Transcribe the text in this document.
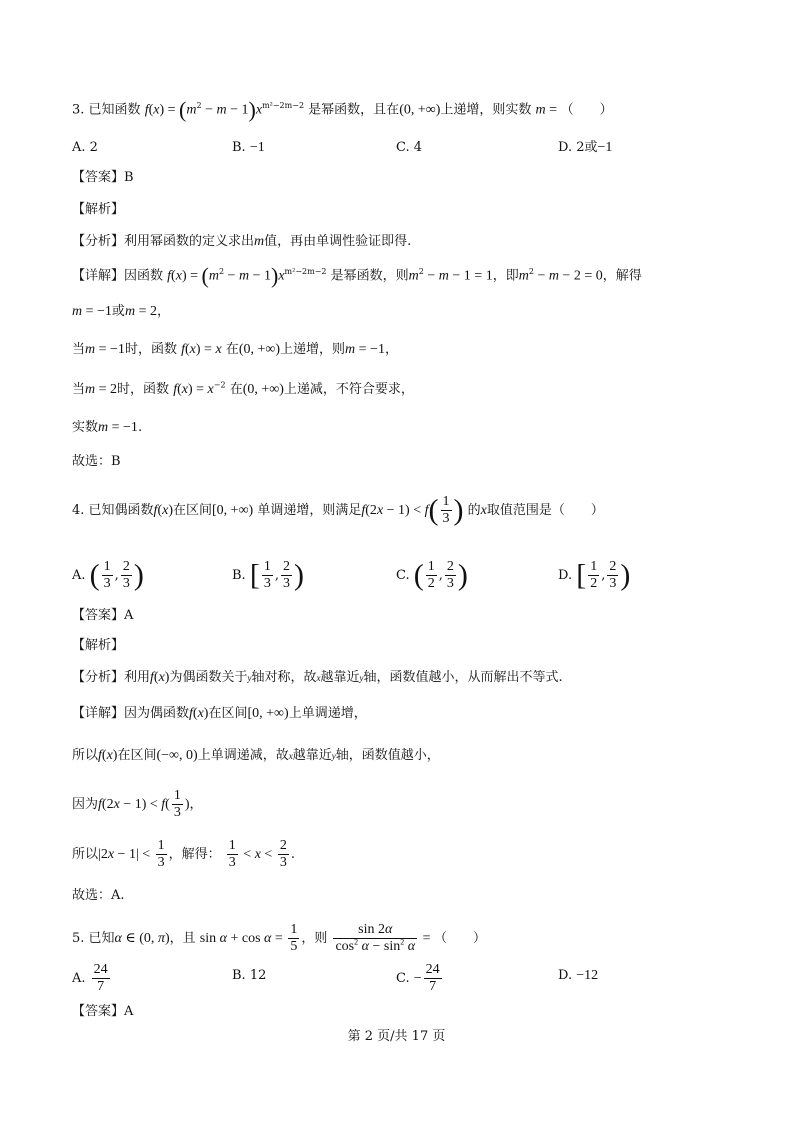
3. 已知函数 $f(x) = (m^2 - m - 1)x^{m^2-2m-2}$ 是幂函数，且在(0, +∞)上递增，则实数 m = （　　）
A. 2	B. −1	C. 4	D. 2或−1
【答案】B
【解析】
【分析】利用幂函数的定义求出m值，再由单调性验证即得.
【详解】因函数 $f(x) = (m^2 - m - 1)x^{m^2-2m-2}$ 是幂函数，则$m^2 - m - 1 = 1$，即$m^2 - m - 2 = 0$，解得
m = −1或m = 2，
当m = −1时，函数 f(x) = x 在(0, +∞)上递增，则m = −1，
当m = 2时，函数 $f(x) = x^{-2}$ 在(0, +∞)上递减，不符合要求，
实数m = −1.
故选：B
4. 已知偶函数f(x)在区间[0, +∞) 单调递增，则满足$f(2x - 1) < f( \frac{1}{3}$ ) 的x取值范围是（　　）
A. ( $\frac{1}{3}$ , $\frac{2}{3}$ )	B. [ $\frac{1}{3}$ , $\frac{2}{3}$ )	C. ( $\frac{1}{2}$ , $\frac{2}{3}$ )	D. [ $\frac{1}{2}$ , $\frac{2}{3}$ )
【答案】A
【解析】
【分析】利用f(x)为偶函数关于y轴对称，故x越靠近y轴，函数值越小，从而解出不等式.
【详解】因为偶函数f(x)在区间[0, +∞)上单调递增，
所以f(x)在区间(−∞, 0)上单调递减，故x越靠近y轴，函数值越小，
因为$f(2x - 1) < f( \frac{1}{3}$ )，
所以$|2x - 1| < \frac{1}{3}$ ，解得： $\frac{1}{3} < x < \frac{2}{3}$ .
故选：A.
5. 已知α ∈ (0, π)，且 $\sin \alpha + \cos \alpha = \frac{1}{5}$ ，则 $\frac{\sin 2\alpha}{\cos^2 \alpha - \sin^2 \alpha}$ = （　　）
A. $\frac{24}{7}$	B. 12	C. − $\frac{24}{7}$	D. −12
【答案】A
第 2 页/共 17 页
